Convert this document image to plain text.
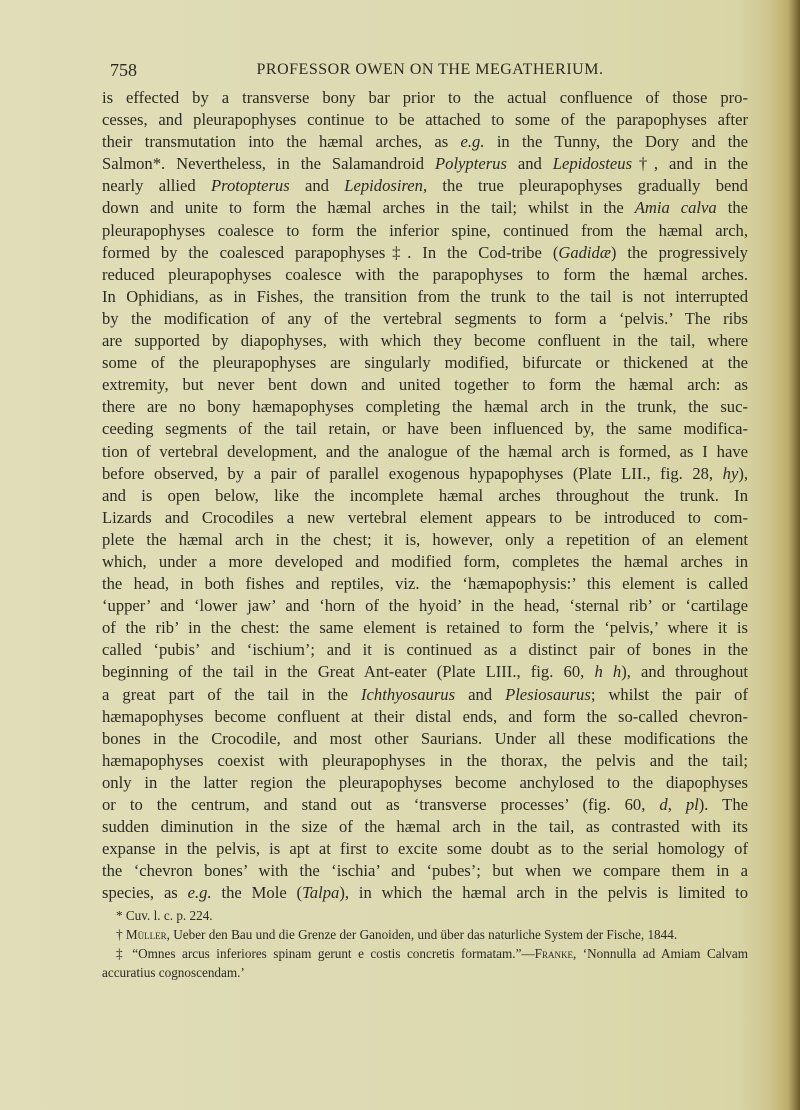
758	PROFESSOR OWEN ON THE MEGATHERIUM.
is effected by a transverse bony bar prior to the actual confluence of those pro-
cesses, and pleurapophyses continue to be attached to some of the parapophyses after
their transmutation into the hæmal arches, as e.g. in the Tunny, the Dory and the
Salmon*. Nevertheless, in the Salamandroid Polypterus and Lepidosteus†, and in the
nearly allied Protopterus and Lepidosiren, the true pleurapophyses gradually bend
down and unite to form the hæmal arches in the tail; whilst in the Amia calva the
pleurapophyses coalesce to form the inferior spine, continued from the hæmal arch,
formed by the coalesced parapophyses‡. In the Cod-tribe (Gadidæ) the progressively
reduced pleurapophyses coalesce with the parapophyses to form the hæmal arches.
In Ophidians, as in Fishes, the transition from the trunk to the tail is not interrupted
by the modification of any of the vertebral segments to form a ‘pelvis.’ The ribs
are supported by diapophyses, with which they become confluent in the tail, where
some of the pleurapophyses are singularly modified, bifurcate or thickened at the
extremity, but never bent down and united together to form the hæmal arch: as
there are no bony hæmapophyses completing the hæmal arch in the trunk, the suc-
ceeding segments of the tail retain, or have been influenced by, the same modifica-
tion of vertebral development, and the analogue of the hæmal arch is formed, as I have
before observed, by a pair of parallel exogenous hypapophyses (Plate LII., fig. 28, hy),
and is open below, like the incomplete hæmal arches throughout the trunk. In
Lizards and Crocodiles a new vertebral element appears to be introduced to com-
plete the hæmal arch in the chest; it is, however, only a repetition of an element
which, under a more developed and modified form, completes the hæmal arches in
the head, in both fishes and reptiles, viz. the ‘hæmapophysis:’ this element is called
‘upper’ and ‘lower jaw’ and ‘horn of the hyoid’ in the head, ‘sternal rib’ or ‘cartilage
of the rib’ in the chest: the same element is retained to form the ‘pelvis,’ where it is
called ‘pubis’ and ‘ischium’; and it is continued as a distinct pair of bones in the
beginning of the tail in the Great Ant-eater (Plate LIII., fig. 60, h h), and throughout
a great part of the tail in the Ichthyosaurus and Plesiosaurus; whilst the pair of
hæmapophyses become confluent at their distal ends, and form the so-called chevron-
bones in the Crocodile, and most other Saurians. Under all these modifications the
hæmapophyses coexist with pleurapophyses in the thorax, the pelvis and the tail;
only in the latter region the pleurapophyses become anchylosed to the diapophyses
or to the centrum, and stand out as ‘transverse processes’ (fig. 60, d, pl). The
sudden diminution in the size of the hæmal arch in the tail, as contrasted with its
expanse in the pelvis, is apt at first to excite some doubt as to the serial homology of
the ‘chevron bones’ with the ‘ischia’ and ‘pubes’; but when we compare them in a
species, as e.g. the Mole (Talpa), in which the hæmal arch in the pelvis is limited to
* Cuv. l. c. p. 224.
† Müller, Ueber den Bau und die Grenze der Ganoiden, und über das naturliche System der Fische, 1844.
‡ “Omnes arcus inferiores spinam gerunt e costis concretis formatam.”—Franke, ‘Nonnulla ad Amiam Calvam accuratius cognoscendam.’
